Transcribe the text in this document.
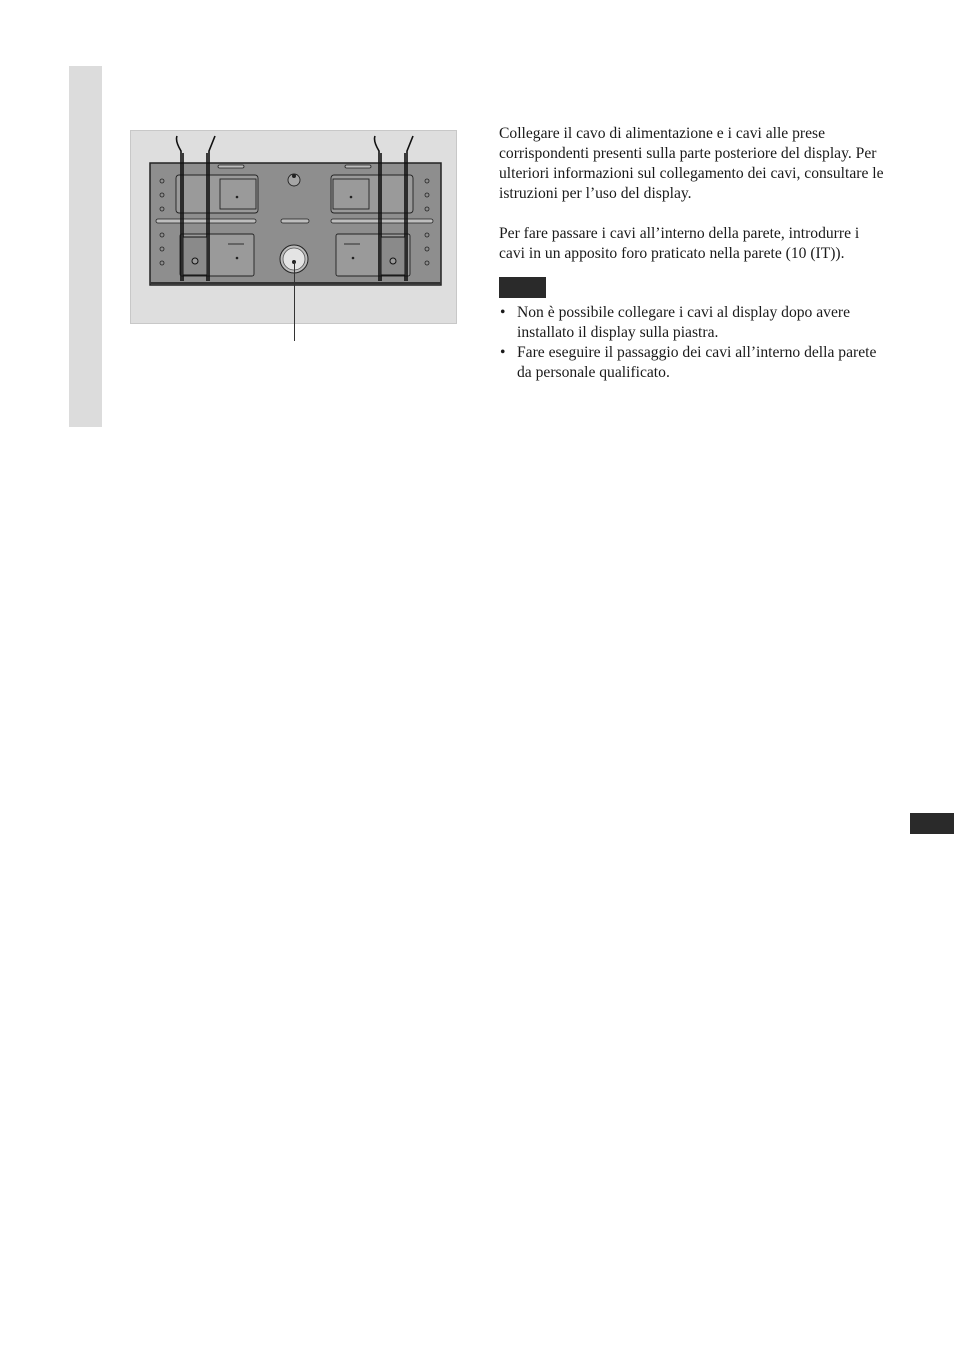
Collegare il cavo di alimentazione e i cavi alle prese corrispondenti presenti sulla parte posteriore del display. Per ulteriori informazioni sul collegamento dei cavi, consultare le istruzioni per l’uso del display.

Per fare passare i cavi all’interno della parete, introdurre i cavi in un apposito foro praticato nella parete (10 (IT)).

• Non è possibile collegare i cavi al display dopo avere installato il display sulla piastra.
• Fare eseguire il passaggio dei cavi all’interno della parete da personale qualificato.
